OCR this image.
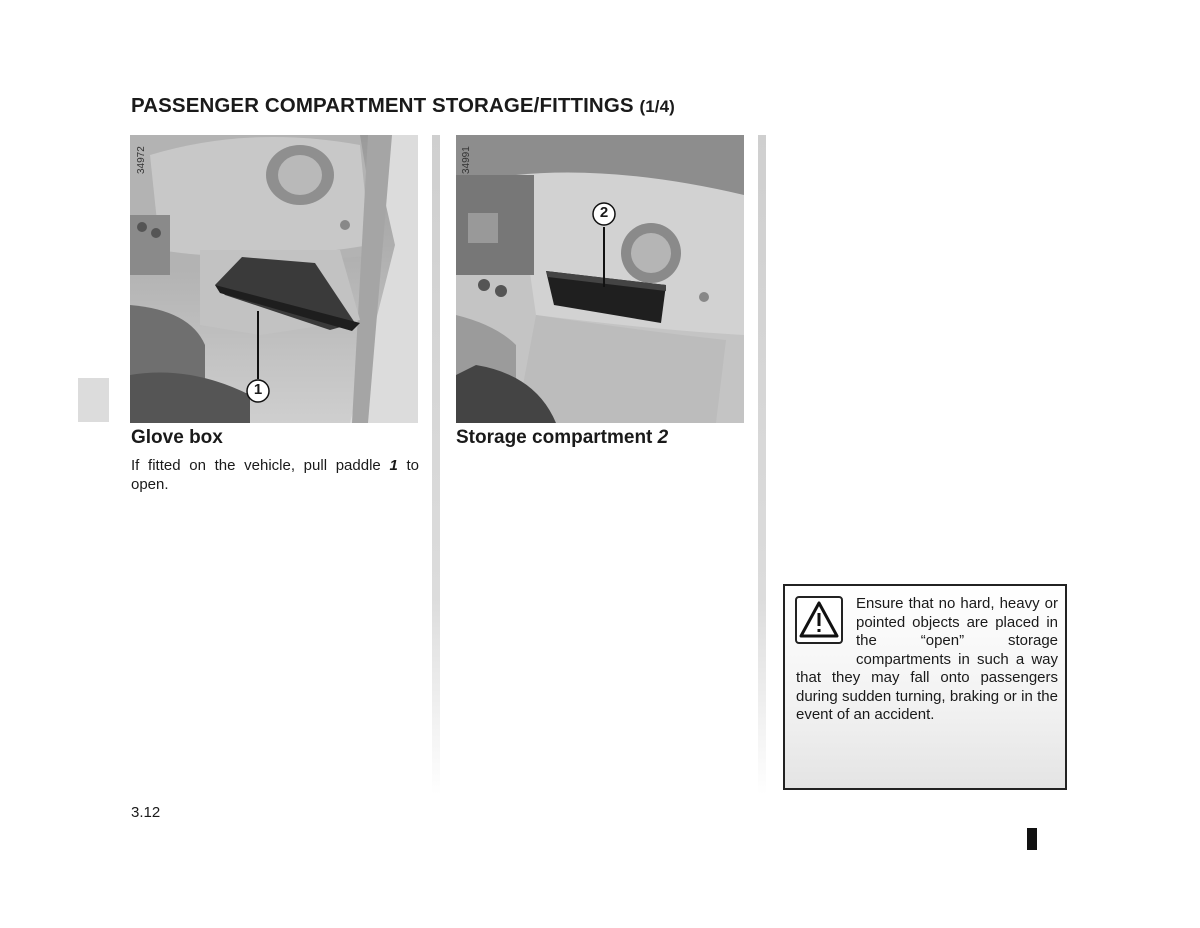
PASSENGER COMPARTMENT STORAGE/FITTINGS (1/4)
34972
1
34991
2
Glove box

If fitted on the vehicle, pull paddle 1 to open.

Storage compartment 2

Ensure that no hard, heavy or pointed objects are placed in the “open” storage compartments in such a way that they may fall onto passengers during sudden turning, braking or in the event of an accident.

3.12
